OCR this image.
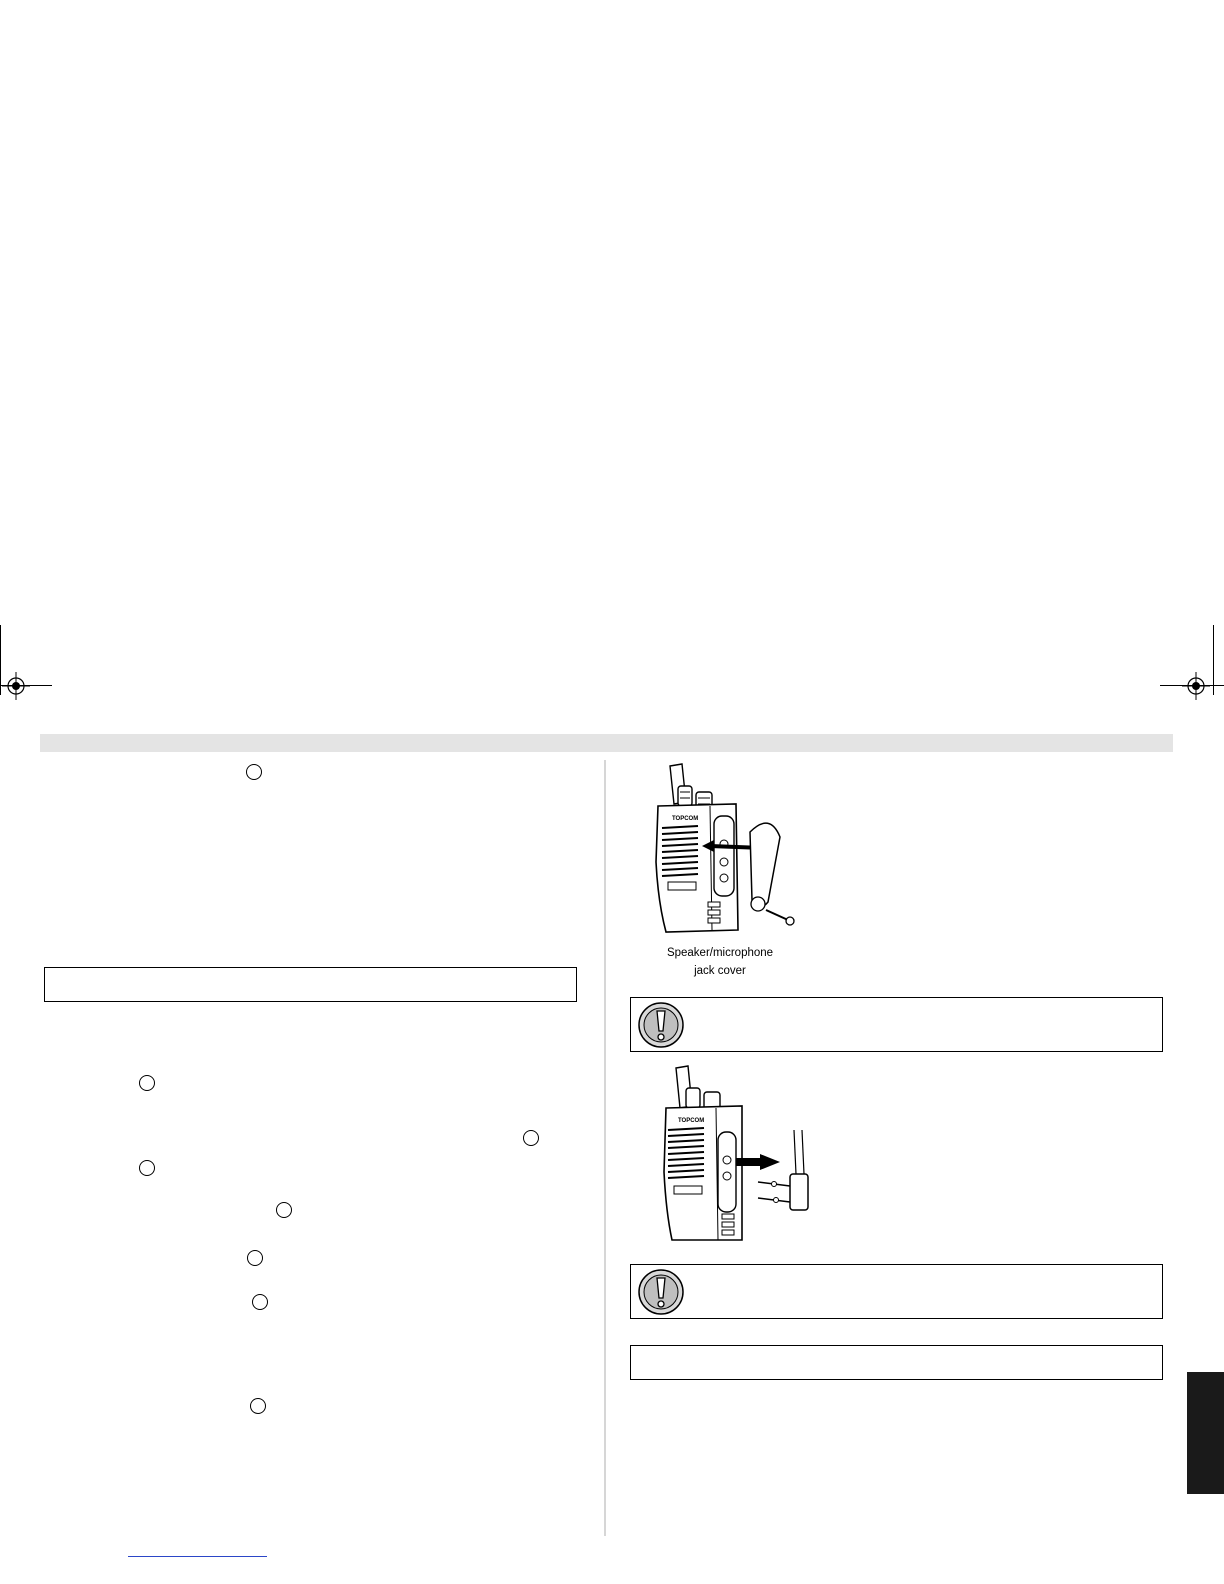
TOPCOM
Speaker/microphone
jack cover
TOPCOM
